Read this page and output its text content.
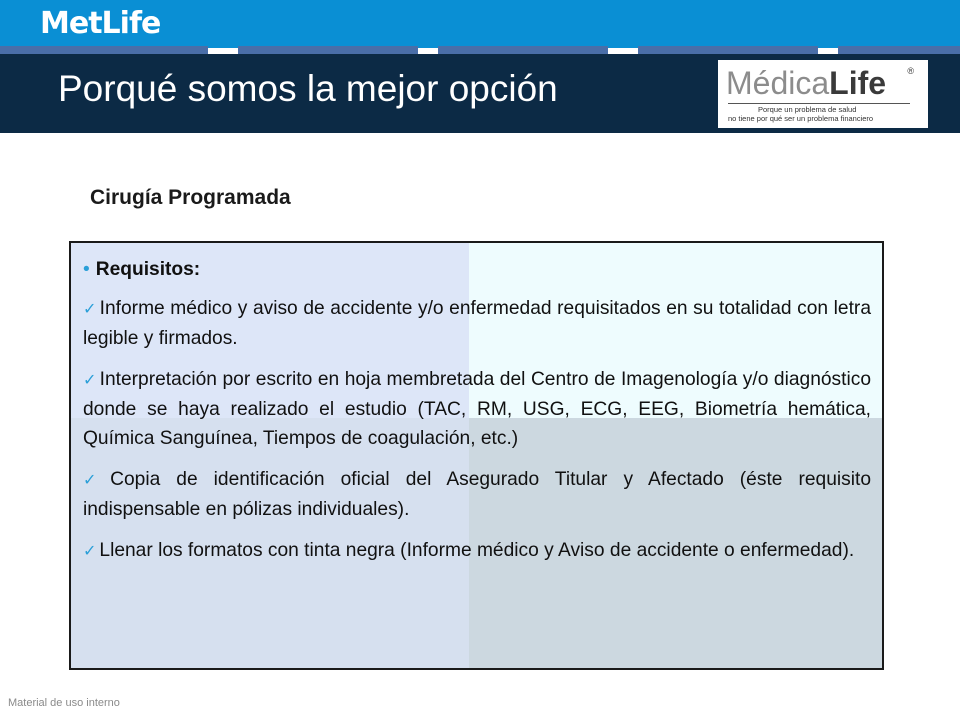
MetLife
Porqué somos la mejor opción	MédicaLife ®
Porque un problema de salud
no tiene por qué ser un problema financiero
Cirugía Programada
• Requisitos:

✓ Informe médico y aviso de accidente y/o enfermedad requisitados en su totalidad con letra legible y firmados.

✓ Interpretación por escrito en hoja membretada del Centro de Imagenología y/o diagnóstico donde se haya realizado el estudio (TAC, RM, USG, ECG, EEG, Biometría hemática, Química Sanguínea, Tiempos de coagulación, etc.)

✓ Copia de identificación oficial del Asegurado Titular y Afectado (éste requisito indispensable en pólizas individuales).

✓ Llenar los formatos con tinta negra (Informe médico y Aviso de accidente o enfermedad).

Material de uso interno
